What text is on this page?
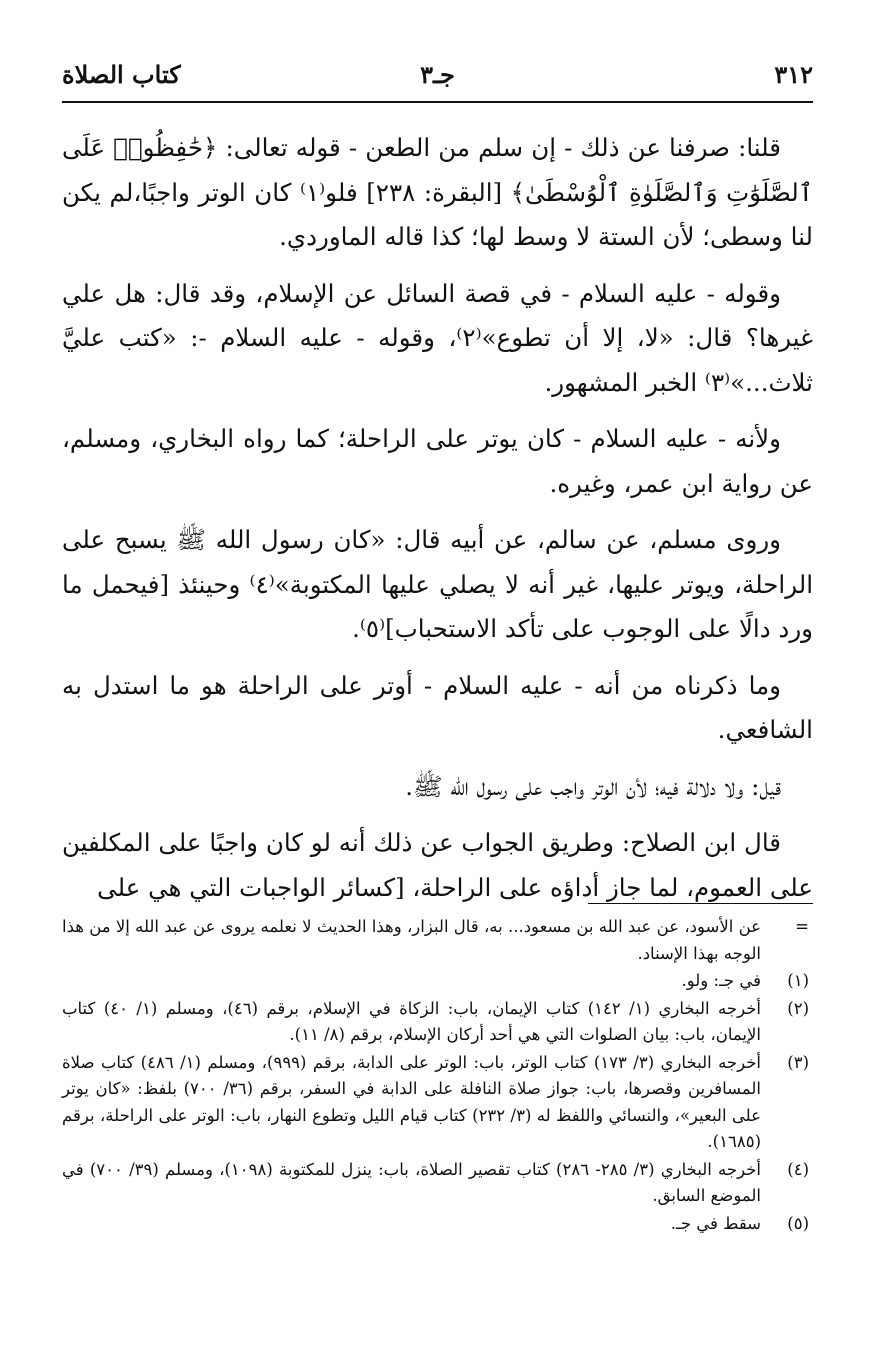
٣١٢
جـ٣
كتاب الصلاة

قلنا: صرفنا عن ذلك - إن سلم من الطعن - قوله تعالى: ﴿حَٰفِظُوا۟ عَلَى ٱلصَّلَوَٰتِ وَٱلصَّلَوٰةِ ٱلْوُسْطَىٰ﴾ [البقرة: ٢٣٨] فلو⁽١⁾ كان الوتر واجبًا،لم يكن لنا وسطى؛ لأن الستة لا وسط لها؛ كذا قاله الماوردي.

وقوله - عليه السلام - في قصة السائل عن الإسلام، وقد قال: هل علي غيرها؟ قال: «لا، إلا أن تطوع»⁽٢⁾، وقوله - عليه السلام -: «كتب عليَّ ثلاث...»⁽٣⁾ الخبر المشهور.

ولأنه - عليه السلام - كان يوتر على الراحلة؛ كما رواه البخاري، ومسلم، عن رواية ابن عمر، وغيره.

وروى مسلم، عن سالم، عن أبيه قال: «كان رسول الله ﷺ يسبح على الراحلة، ويوتر عليها، غير أنه لا يصلي عليها المكتوبة»⁽٤⁾ وحينئذ [فيحمل ما ورد دالًا على الوجوب على تأكد الاستحباب]⁽٥⁾.

وما ذكرناه من أنه - عليه السلام - أوتر على الراحلة هو ما استدل به الشافعي.

قيل: ولا دلالة فيه؛ لأن الوتر واجب على رسول الله ﷺ.

قال ابن الصلاح: وطريق الجواب عن ذلك أنه لو كان واجبًا على المكلفين على العموم، لما جاز أداؤه على الراحلة، [كسائر الواجبات التي هي على

=
عن الأسود، عن عبد الله بن مسعود... به، قال البزار، وهذا الحديث لا نعلمه يروى عن عبد الله إلا من هذا الوجه بهذا الإسناد.
(١)
في جـ: ولو.
(٢)
أخرجه البخاري (١/ ١٤٢) كتاب الإيمان، باب: الزكاة في الإسلام، برقم (٤٦)، ومسلم (١/ ٤٠) كتاب الإيمان، باب: بيان الصلوات التي هي أحد أركان الإسلام، برقم (٨/ ١١).
(٣)
أخرجه البخاري (٣/ ١٧٣) كتاب الوتر، باب: الوتر على الدابة، برقم (٩٩٩)، ومسلم (١/ ٤٨٦) كتاب صلاة المسافرين وقصرها، باب: جواز صلاة النافلة على الدابة في السفر، برقم (٣٦/ ٧٠٠) بلفظ: «كان يوتر على البعير»، والنسائي واللفظ له (٣/ ٢٣٢) كتاب قيام الليل وتطوع النهار، باب: الوتر على الراحلة، برقم (١٦٨٥).
(٤)
أخرجه البخاري (٣/ ٢٨٥- ٢٨٦) كتاب تقصير الصلاة، باب: ينزل للمكتوبة (١٠٩٨)، ومسلم (٣٩/ ٧٠٠) في الموضع السابق.
(٥)
سقط في جـ.
